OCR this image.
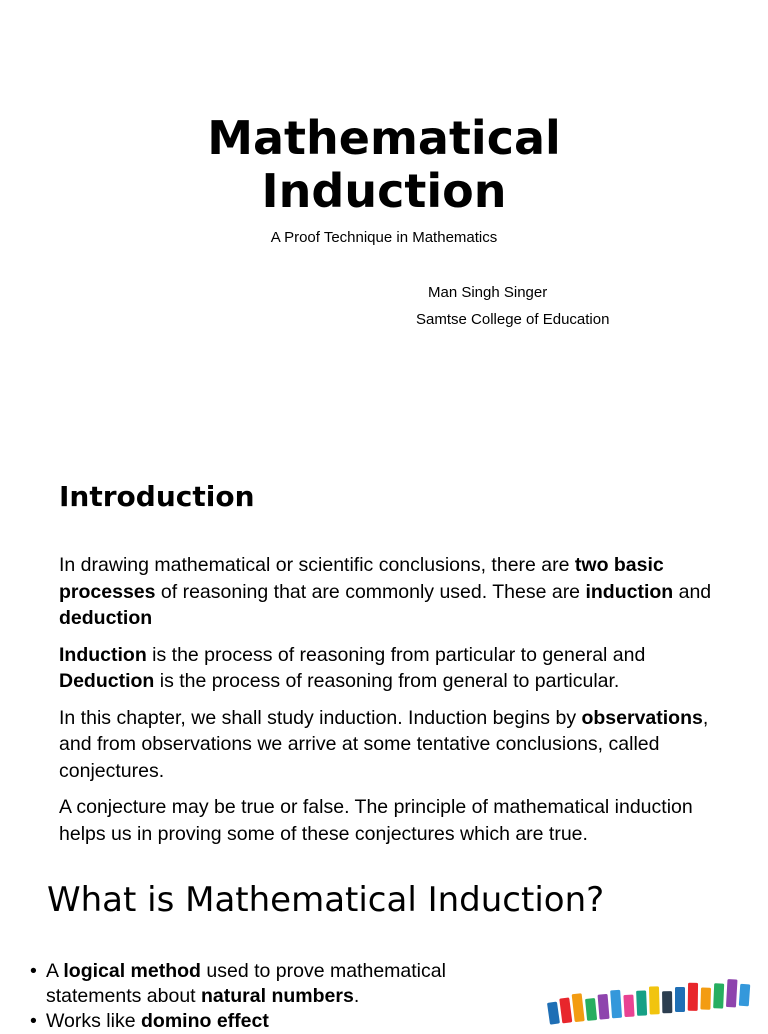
Mathematical
Induction
A Proof Technique in Mathematics
Man Singh Singer
Samtse College of Education
Introduction

In drawing mathematical or scientific conclusions, there are two basic processes of reasoning that are commonly used. These are induction and deduction

Induction is the process of reasoning from particular to general and Deduction is the process of reasoning from general to particular.

In this chapter, we shall study induction. Induction begins by observations, and from observations we arrive at some tentative conclusions, called conjectures.

A conjecture may be true or false. The principle of mathematical induction helps us in proving some of these conjectures which are true.

What is Mathematical Induction?
• A logical method used to prove mathematical statements about natural numbers.
• Works like domino effect
